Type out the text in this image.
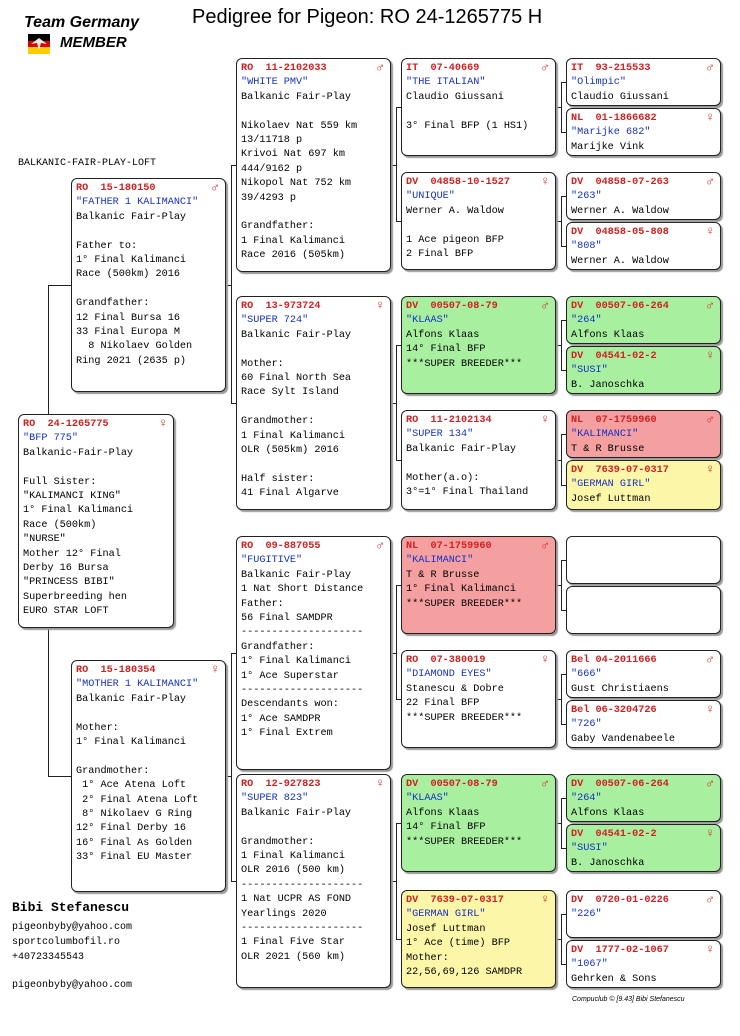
Pedigree for Pigeon: RO 24-1265775 H
Team Germany
MEMBER
BALKANIC-FAIR-PLAY-LOFT
RO  24-1265775	♀
"BFP 775"
Balkanic-Fair-Play

Full Sister:
"KALIMANCI KING"
1° Final Kalimanci
Race (500km)
"NURSE"
Mother 12° Final
Derby 16 Bursa
"PRINCESS BIBI"
Superbreeding hen
EURO STAR LOFT
RO  15-180150	♂
"FATHER 1 KALIMANCI"
Balkanic Fair-Play

Father to:
1° Final Kalimanci
Race (500km) 2016

Grandfather:
12 Final Bursa 16
33 Final Europa M
8 Nikolaev Golden
Ring 2021 (2635 p)
RO  15-180354	♀
"MOTHER 1 KALIMANCI"
Balkanic Fair-Play

Mother:
1° Final Kalimanci

Grandmother:
1° Ace Atena Loft
2° Final Atena Loft
8° Nikolaev G Ring
12° Final Derby 16
16° Final As Golden
33° Final EU Master
RO  11-2102033	♂
"WHITE PMV"
Balkanic Fair-Play

Nikolaev Nat 559 km
13/11718 p
Krivoi Nat 697 km
444/9162 p
Nikopol Nat 752 km
39/4293 p

Grandfather:
1 Final Kalimanci
Race 2016 (505km)
RO  13-973724	♀
"SUPER 724"
Balkanic Fair-Play

Mother:
60 Final North Sea
Race Sylt Island

Grandmother:
1 Final Kalimanci
OLR (505km) 2016

Half sister:
41 Final Algarve
RO  09-887055	♂
"FUGITIVE"
Balkanic Fair-Play
1 Nat Short Distance
Father:
56 Final SAMDPR
--------------------
Grandfather:
1° Final Kalimanci
1° Ace Superstar
--------------------
Descendants won:
1° Ace SAMDPR
1° Final Extrem
RO  12-927823	♀
"SUPER 823"
Balkanic Fair-Play

Grandmother:
1 Final Kalimanci
OLR 2016 (500 km)
--------------------
1 Nat UCPR AS FOND
Yearlings 2020
--------------------
1 Final Five Star
OLR 2021 (560 km)
IT  07-40669	♂
"THE ITALIAN"
Claudio Giussani

3° Final BFP (1 HS1)
DV  04858-10-1527	♀
"UNIQUE"
Werner A. Waldow

1 Ace pigeon BFP
2 Final BFP
DV  00507-08-79	♂
"KLAAS"
Alfons Klaas
14° Final BFP
***SUPER BREEDER***
RO  11-2102134	♀
"SUPER 134"
Balkanic Fair-Play

Mother(a.o):
3°=1° Final Thailand
NL  07-1759960	♂
"KALIMANCI"
T & R Brusse
1° Final Kalimanci
***SUPER BREEDER***
RO  07-380019	♀
"DIAMOND EYES"
Stanescu & Dobre
22 Final BFP
***SUPER BREEDER***
DV  00507-08-79	♂
"KLAAS"
Alfons Klaas
14° Final BFP
***SUPER BREEDER***
DV  7639-07-0317	♀
"GERMAN GIRL"
Josef Luttman
1° Ace (time) BFP
Mother:
22,56,69,126 SAMDPR
IT  93-215533	♂
"Olimpic"
Claudio Giussani
NL  01-1866682	♀
"Marijke 682"
Marijke Vink
DV  04858-07-263	♂
"263"
Werner A. Waldow
DV  04858-05-808	♀
"808"
Werner A. Waldow
DV  00507-06-264	♂
"264"
Alfons Klaas
DV  04541-02-2	♀
"SUSI"
B. Janoschka
NL  07-1759960	♂
"KALIMANCI"
T & R Brusse
DV  7639-07-0317	♀
"GERMAN GIRL"
Josef Luttman
Bel 04-2011666	♂
"666"
Gust Christiaens
Bel 06-3204726	♀
"726"
Gaby Vandenabeele
DV  00507-06-264	♂
"264"
Alfons Klaas
DV  04541-02-2	♀
"SUSI"
B. Janoschka
DV  0720-01-0226	♂
"226"
DV  1777-02-1067	♀
"1067"
Gehrken & Sons
Bibi Stefanescu
pigeonbyby@yahoo.com
sportcolumbofil.ro
+40723345543
pigeonbyby@yahoo.com
Compuclub © [9.43] Bibi Stefanescu
